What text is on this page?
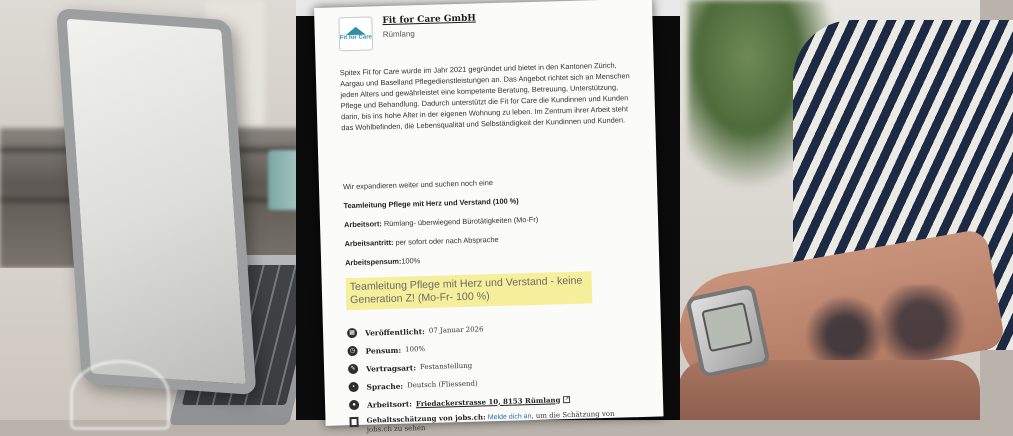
Fit for Care
Fit for Care GmbH
Rümlang
Spitex Fit for Care wurde im Jahr 2021 gegründet und bietet in den Kantonen Zürich, Aargau und Baselland Pflegedienstleistungen an. Das Angebot richtet sich an Menschen jeden Alters und gewährleistet eine kompetente Beratung, Betreuung, Unterstützung, Pflege und Behandlung. Dadurch unterstützt die Fit for Care die Kundinnen und Kunden darin, bis ins hohe Alter in der eigenen Wohnung zu leben. Im Zentrum ihrer Arbeit steht das Wohlbefinden, die Lebensqualität und Selbständigkeit der Kundinnen und Kunden.
Wir expandieren weiter und suchen noch eine
Teamleitung Pflege mit Herz und Verstand (100 %)
Arbeitsort: Rümlang- überwiegend Bürotätigkeiten (Mo-Fr)
Arbeitsantritt: per sofort oder nach Absprache
Arbeitspensum:100%
Teamleitung Pflege mit Herz und Verstand - keine Generation Z! (Mo-Fr- 100 %)
▦	Veröffentlicht: 07 Januar 2026
◷	Pensum: 100%
✎	Vertragsart: Festanstellung
•	Sprache: Deutsch (Fliessend)
●	Arbeitsort: Friedackerstrasse 10, 8153 Rümlang ↗
Gehaltsschätzung von jobs.ch: Melde dich an, um die Schätzung von jobs.ch zu sehen
